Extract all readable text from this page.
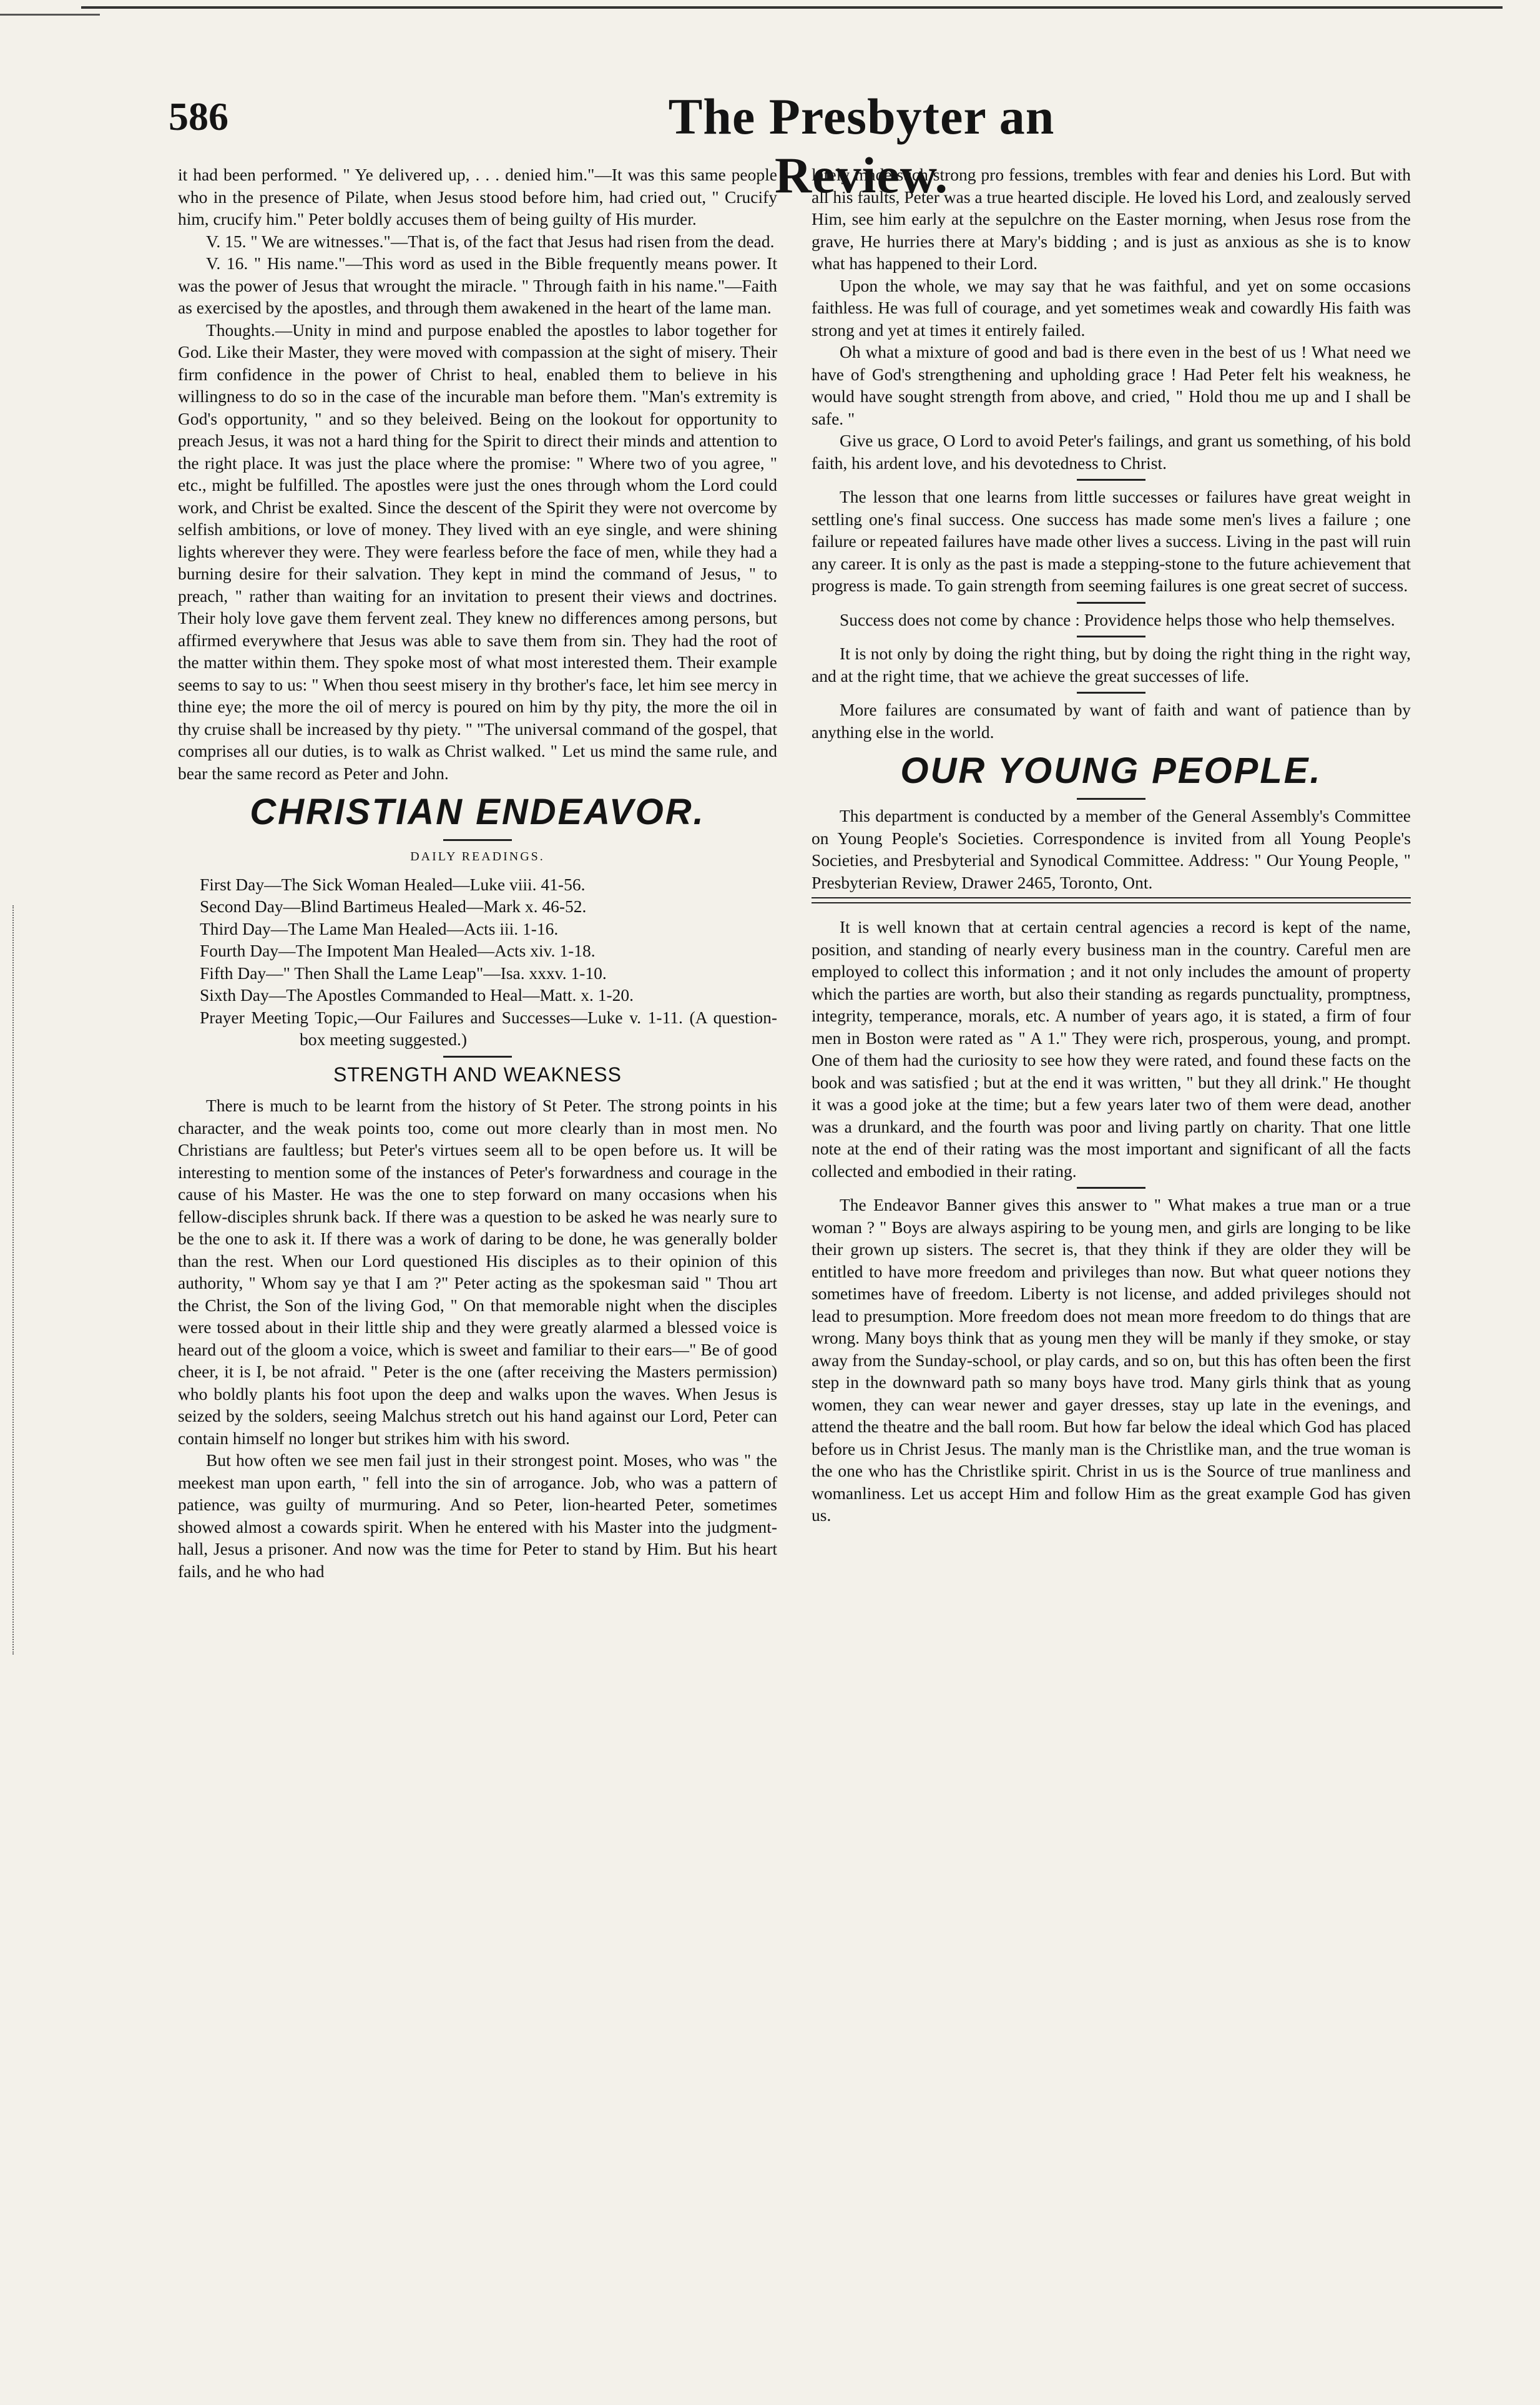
586	The Presbyter an Review.

it had been performed. " Ye delivered up, . . . denied him."—It was this same people who in the presence of Pilate, when Jesus stood before him, had cried out, " Crucify him, crucify him." Peter boldly accuses them of being guilty of His murder.

V. 15. " We are witnesses."—That is, of the fact that Jesus had risen from the dead.

V. 16. " His name."—This word as used in the Bible frequently means power. It was the power of Jesus that wrought the miracle. " Through faith in his name."—Faith as exercised by the apostles, and through them awakened in the heart of the lame man.

Thoughts.—Unity in mind and purpose enabled the apostles to labor together for God. Like their Master, they were moved with compassion at the sight of misery. Their firm confidence in the power of Christ to heal, enabled them to believe in his willingness to do so in the case of the incurable man before them. "Man's extremity is God's opportunity, " and so they beleived. Being on the lookout for opportunity to preach Jesus, it was not a hard thing for the Spirit to direct their minds and attention to the right place. It was just the place where the promise: " Where two of you agree, " etc., might be fulfilled. The apostles were just the ones through whom the Lord could work, and Christ be exalted. Since the descent of the Spirit they were not overcome by selfish ambitions, or love of money. They lived with an eye single, and were shining lights wherever they were. They were fearless before the face of men, while they had a burning desire for their salvation. They kept in mind the command of Jesus, " to preach, " rather than waiting for an invitation to present their views and doctrines. Their holy love gave them fervent zeal. They knew no differences among persons, but affirmed everywhere that Jesus was able to save them from sin. They had the root of the matter within them. They spoke most of what most interested them. Their example seems to say to us: " When thou seest misery in thy brother's face, let him see mercy in thine eye; the more the oil of mercy is poured on him by thy pity, the more the oil in thy cruise shall be increased by thy piety. " "The universal command of the gospel, that comprises all our duties, is to walk as Christ walked. " Let us mind the same rule, and bear the same record as Peter and John.

CHRISTIAN ENDEAVOR.
DAILY READINGS.

First Day—The Sick Woman Healed—Luke viii. 41-56.

Second Day—Blind Bartimeus Healed—Mark x. 46-52.

Third Day—The Lame Man Healed—Acts iii. 1-16.

Fourth Day—The Impotent Man Healed—Acts xiv. 1-18.

Fifth Day—" Then Shall the Lame Leap"—Isa. xxxv. 1-10.

Sixth Day—The Apostles Commanded to Heal—Matt. x. 1-20.

Prayer Meeting Topic,—Our Failures and Successes—Luke v. 1-11. (A question-box meeting suggested.)

STRENGTH AND WEAKNESS

There is much to be learnt from the history of St Peter. The strong points in his character, and the weak points too, come out more clearly than in most men. No Christians are faultless; but Peter's virtues seem all to be open before us. It will be interesting to mention some of the instances of Peter's forwardness and courage in the cause of his Master. He was the one to step forward on many occasions when his fellow-disciples shrunk back. If there was a question to be asked he was nearly sure to be the one to ask it. If there was a work of daring to be done, he was generally bolder than the rest. When our Lord questioned His disciples as to their opinion of this authority, " Whom say ye that I am ?" Peter acting as the spokesman said " Thou art the Christ, the Son of the living God, " On that memorable night when the disciples were tossed about in their little ship and they were greatly alarmed a blessed voice is heard out of the gloom a voice, which is sweet and familiar to their ears—" Be of good cheer, it is I, be not afraid. " Peter is the one (after receiving the Masters permission) who boldly plants his foot upon the deep and walks upon the waves. When Jesus is seized by the solders, seeing Malchus stretch out his hand against our Lord, Peter can contain himself no longer but strikes him with his sword.

But how often we see men fail just in their strongest point. Moses, who was " the meekest man upon earth, " fell into the sin of arrogance. Job, who was a pattern of patience, was guilty of murmuring. And so Peter, lion-hearted Peter, sometimes showed almost a cowards spirit. When he entered with his Master into the judgment-hall, Jesus a prisoner. And now was the time for Peter to stand by Him. But his heart fails, and he who had

lately made such strong pro fessions, trembles with fear and denies his Lord. But with all his faults, Peter was a true hearted disciple. He loved his Lord, and zealously served Him, see him early at the sepulchre on the Easter morning, when Jesus rose from the grave, He hurries there at Mary's bidding ; and is just as anxious as she is to know what has happened to their Lord.

Upon the whole, we may say that he was faithful, and yet on some occasions faithless. He was full of courage, and yet sometimes weak and cowardly His faith was strong and yet at times it entirely failed.

Oh what a mixture of good and bad is there even in the best of us ! What need we have of God's strengthening and upholding grace ! Had Peter felt his weakness, he would have sought strength from above, and cried, " Hold thou me up and I shall be safe. "

Give us grace, O Lord to avoid Peter's failings, and grant us something, of his bold faith, his ardent love, and his devotedness to Christ.

The lesson that one learns from little successes or failures have great weight in settling one's final success. One success has made some men's lives a failure ; one failure or repeated failures have made other lives a success. Living in the past will ruin any career. It is only as the past is made a stepping-stone to the future achievement that progress is made. To gain strength from seeming failures is one great secret of success.

Success does not come by chance : Providence helps those who help themselves.

It is not only by doing the right thing, but by doing the right thing in the right way, and at the right time, that we achieve the great successes of life.

More failures are consumated by want of faith and want of patience than by anything else in the world.

OUR YOUNG PEOPLE.

This department is conducted by a member of the General Assembly's Committee on Young People's Societies. Correspondence is invited from all Young People's Societies, and Presbyterial and Synodical Committee. Address: " Our Young People, " Presbyterian Review, Drawer 2465, Toronto, Ont.

It is well known that at certain central agencies a record is kept of the name, position, and standing of nearly every business man in the country. Careful men are employed to collect this information ; and it not only includes the amount of property which the parties are worth, but also their standing as regards punctuality, promptness, integrity, temperance, morals, etc. A number of years ago, it is stated, a firm of four men in Boston were rated as " A 1." They were rich, prosperous, young, and prompt. One of them had the curiosity to see how they were rated, and found these facts on the book and was satisfied ; but at the end it was written, " but they all drink." He thought it was a good joke at the time; but a few years later two of them were dead, another was a drunkard, and the fourth was poor and living partly on charity. That one little note at the end of their rating was the most important and significant of all the facts collected and embodied in their rating.

The Endeavor Banner gives this answer to " What makes a true man or a true woman ? " Boys are always aspiring to be young men, and girls are longing to be like their grown up sisters. The secret is, that they think if they are older they will be entitled to have more freedom and privileges than now. But what queer notions they sometimes have of freedom. Liberty is not license, and added privileges should not lead to presumption. More freedom does not mean more freedom to do things that are wrong. Many boys think that as young men they will be manly if they smoke, or stay away from the Sunday-school, or play cards, and so on, but this has often been the first step in the downward path so many boys have trod. Many girls think that as young women, they can wear newer and gayer dresses, stay up late in the evenings, and attend the theatre and the ball room. But how far below the ideal which God has placed before us in Christ Jesus. The manly man is the Christlike man, and the true woman is the one who has the Christlike spirit. Christ in us is the Source of true manliness and womanliness. Let us accept Him and follow Him as the great example God has given us.
